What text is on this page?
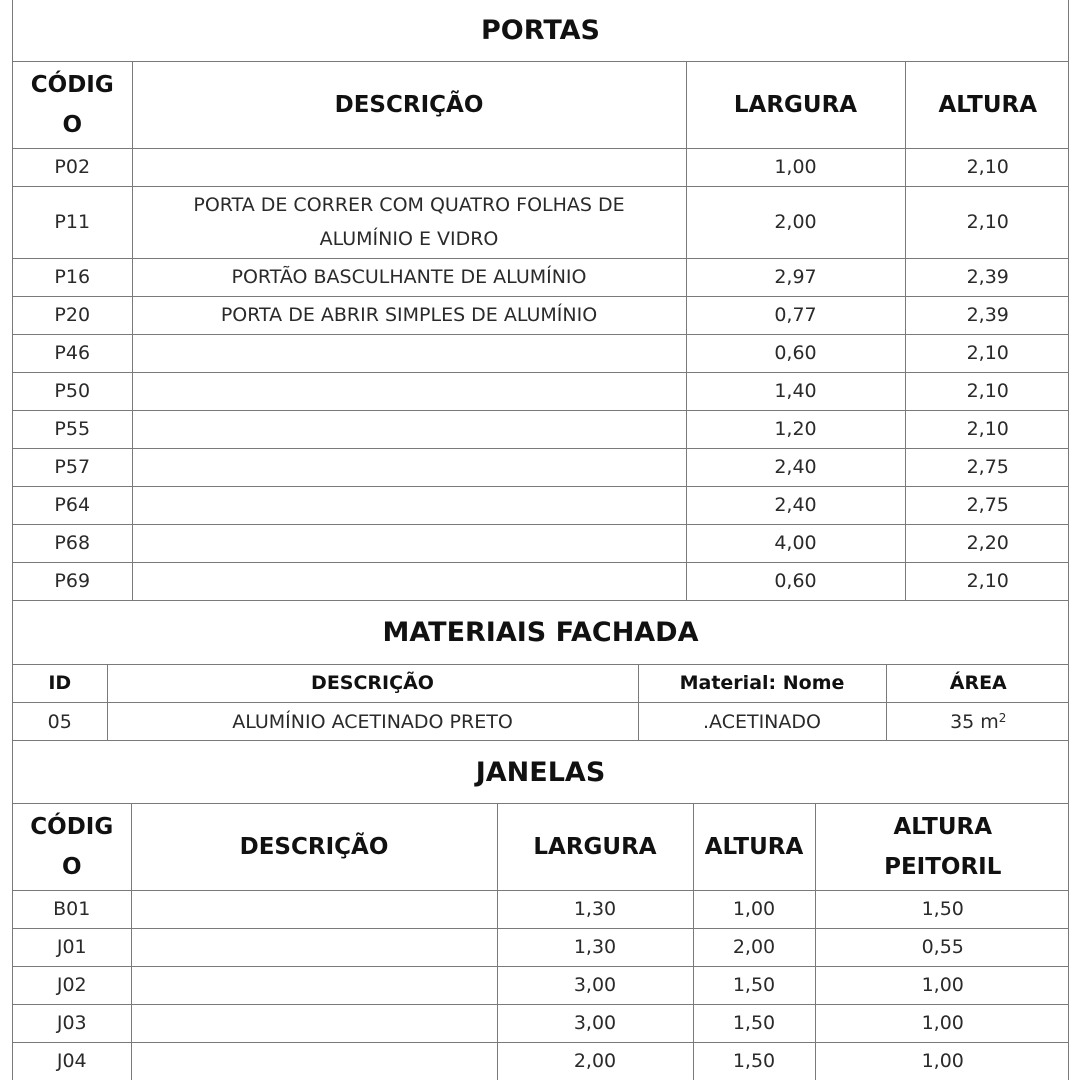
PORTAS
CÓDIG
O	DESCRIÇÃO	LARGURA	ALTURA
P02		1,00	2,10
P11	PORTA DE CORRER COM QUATRO FOLHAS DE
ALUMÍNIO E VIDRO	2,00	2,10
P16	PORTÃO BASCULHANTE DE ALUMÍNIO	2,97	2,39
P20	PORTA DE ABRIR SIMPLES DE ALUMÍNIO	0,77	2,39
P46		0,60	2,10
P50		1,40	2,10
P55		1,20	2,10
P57		2,40	2,75
P64		2,40	2,75
P68		4,00	2,20
P69		0,60	2,10
MATERIAIS FACHADA
ID	DESCRIÇÃO	Material: Nome	ÁREA
05	ALUMÍNIO ACETINADO PRETO	.ACETINADO	35 $m^2$
JANELAS
CÓDIG
O	DESCRIÇÃO	LARGURA	ALTURA	ALTURA
PEITORIL
B01		1,30	1,00	1,50
J01		1,30	2,00	0,55
J02		3,00	1,50	1,00
J03		3,00	1,50	1,00
J04		2,00	1,50	1,00
